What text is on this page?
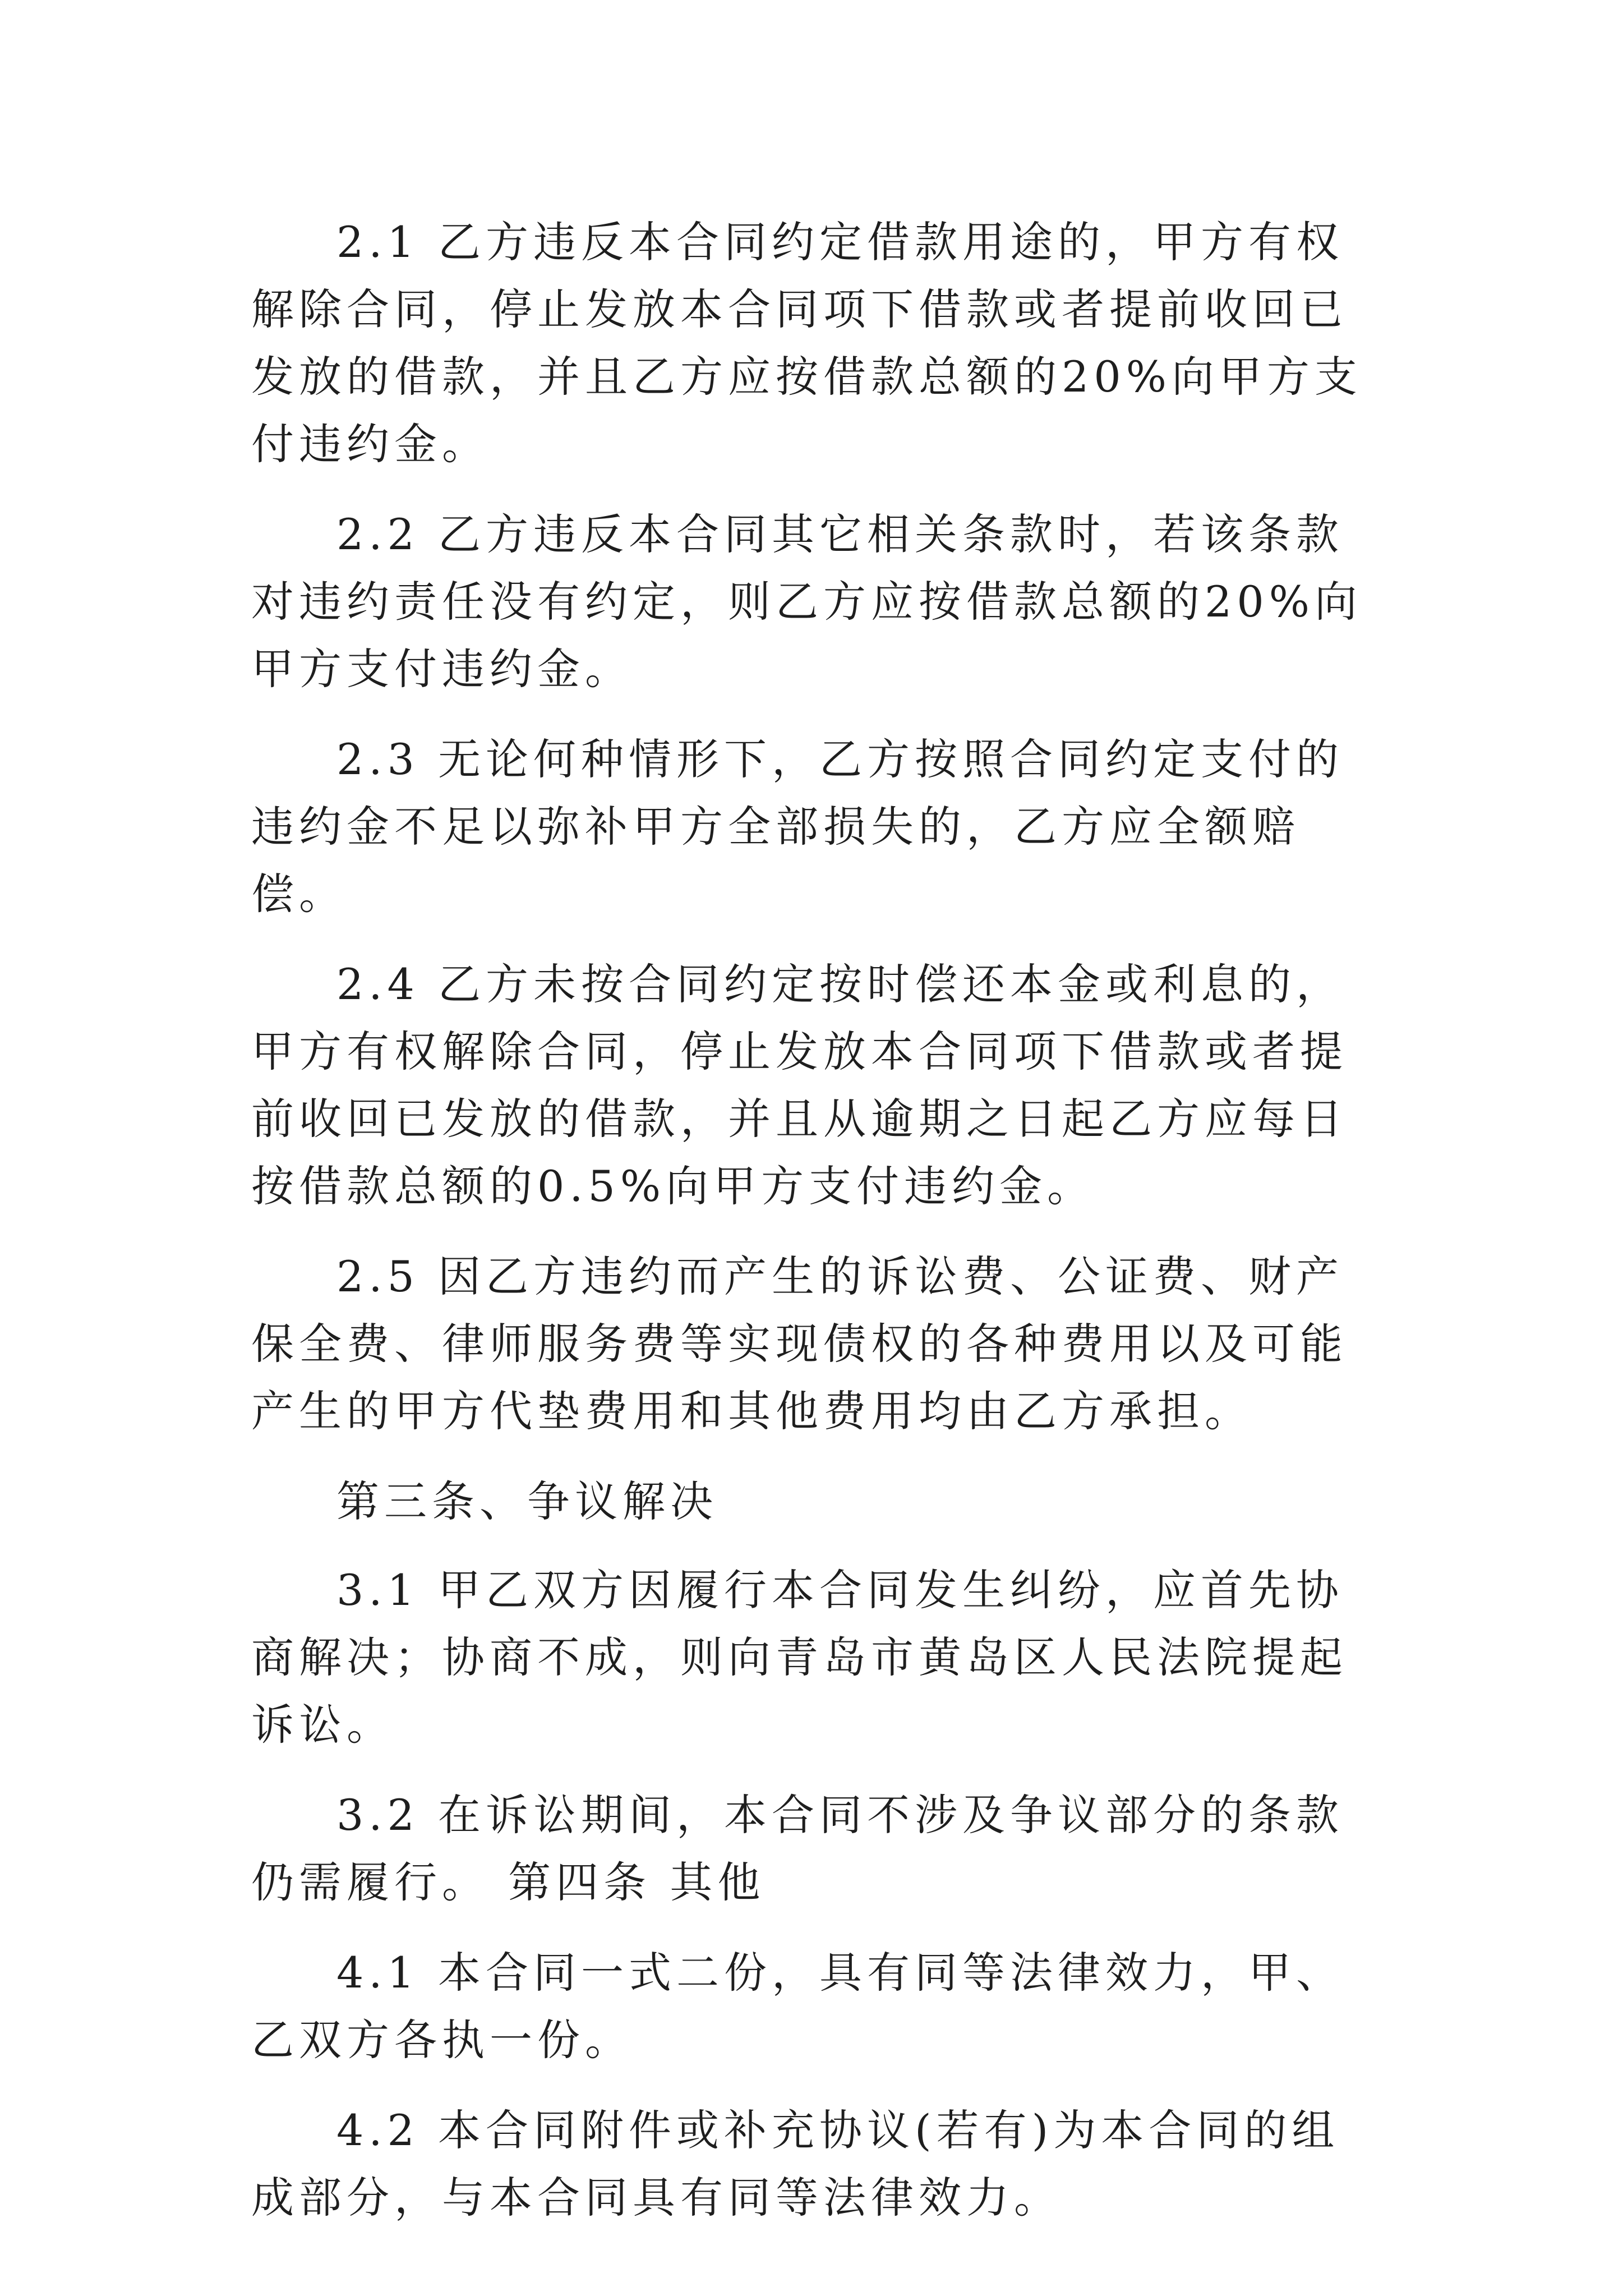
2.1 乙方违反本合同约定借款用途的，甲方有权解除合同，停止发放本合同项下借款或者提前收回已发放的借款，并且乙方应按借款总额的20%向甲方支付违约金。

2.2 乙方违反本合同其它相关条款时，若该条款对违约责任没有约定，则乙方应按借款总额的20%向甲方支付违约金。

2.3 无论何种情形下，乙方按照合同约定支付的违约金不足以弥补甲方全部损失的，乙方应全额赔偿。

2.4 乙方未按合同约定按时偿还本金或利息的，甲方有权解除合同，停止发放本合同项下借款或者提前收回已发放的借款，并且从逾期之日起乙方应每日按借款总额的0.5%向甲方支付违约金。

2.5 因乙方违约而产生的诉讼费、公证费、财产保全费、律师服务费等实现债权的各种费用以及可能产生的甲方代垫费用和其他费用均由乙方承担。

第三条、争议解决

3.1 甲乙双方因履行本合同发生纠纷，应首先协商解决；协商不成，则向青岛市黄岛区人民法院提起诉讼。

3.2 在诉讼期间，本合同不涉及争议部分的条款仍需履行。 第四条 其他

4.1 本合同一式二份，具有同等法律效力，甲、乙双方各执一份。

4.2 本合同附件或补充协议(若有)为本合同的组成部分，与本合同具有同等法律效力。
